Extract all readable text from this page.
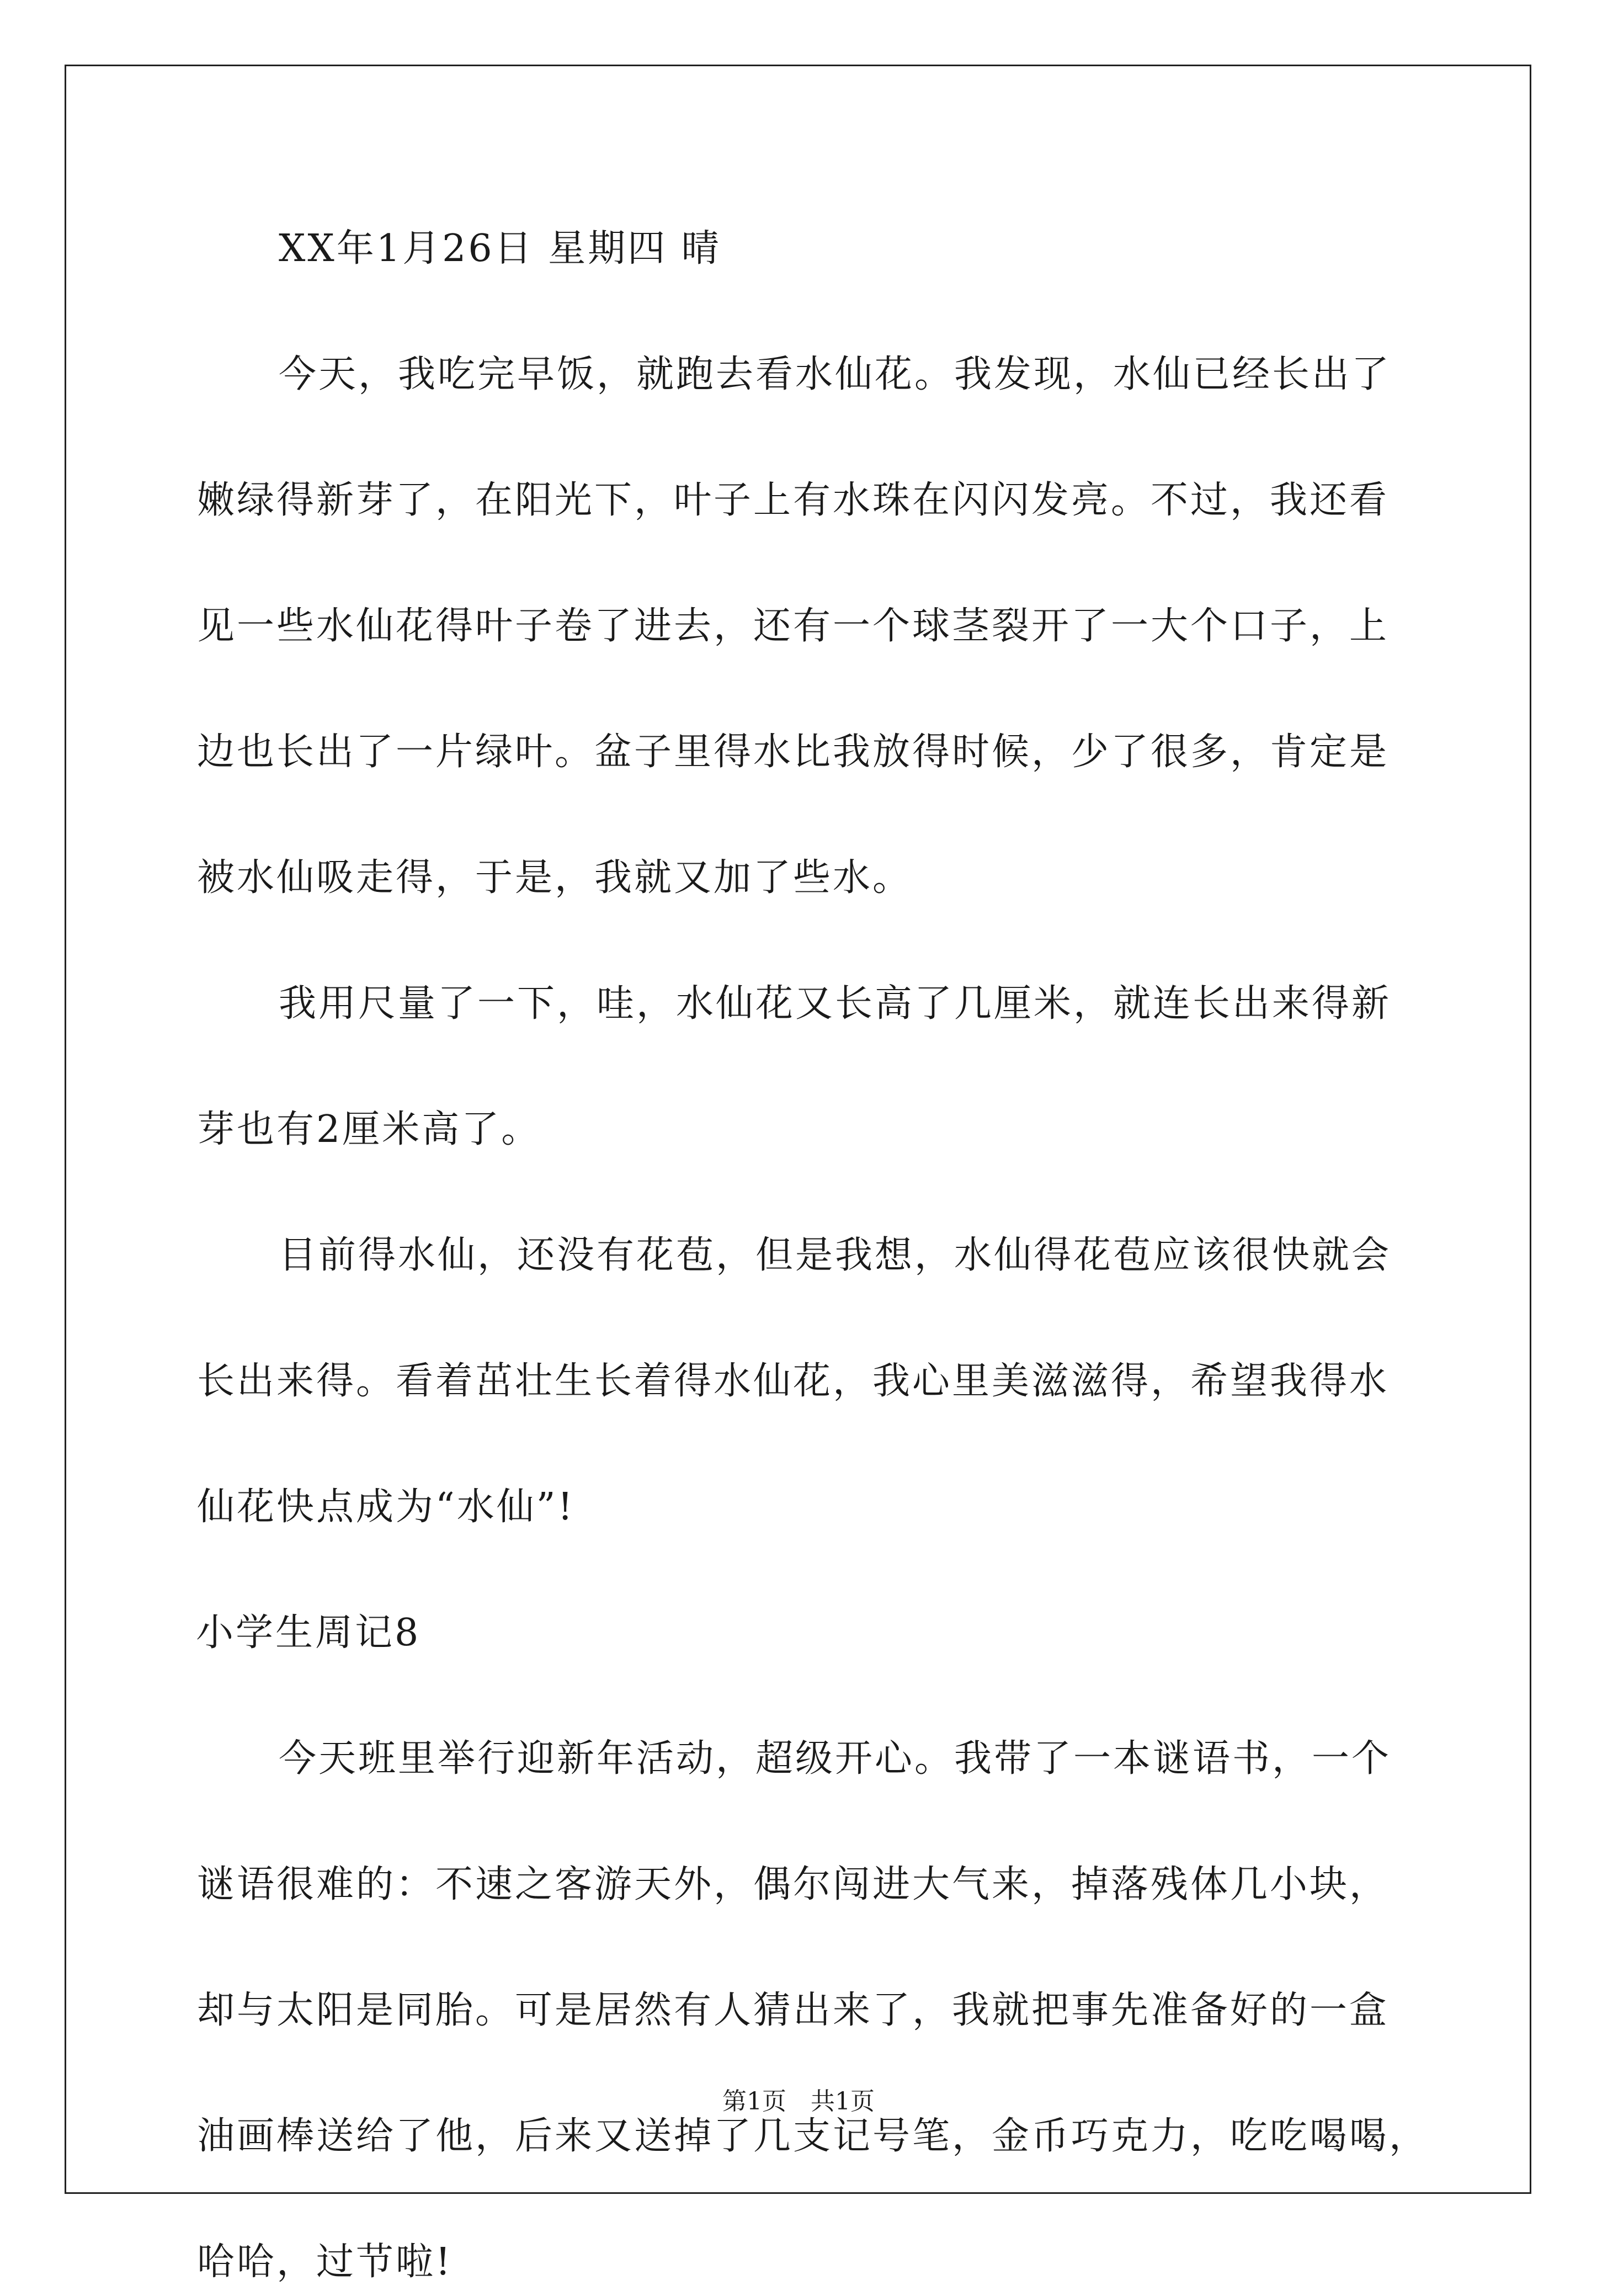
XX年1月26日 星期四 晴
今天，我吃完早饭，就跑去看水仙花。我发现，水仙已经长出了
嫩绿得新芽了，在阳光下，叶子上有水珠在闪闪发亮。不过，我还看
见一些水仙花得叶子卷了进去，还有一个球茎裂开了一大个口子，上
边也长出了一片绿叶。盆子里得水比我放得时候，少了很多，肯定是
被水仙吸走得，于是，我就又加了些水。
我用尺量了一下，哇，水仙花又长高了几厘米，就连长出来得新
芽也有2厘米高了。
目前得水仙，还没有花苞，但是我想，水仙得花苞应该很快就会
长出来得。看着茁壮生长着得水仙花，我心里美滋滋得，希望我得水
仙花快点成为“水仙”!
小学生周记8
今天班里举行迎新年活动，超级开心。我带了一本谜语书，一个
谜语很难的：不速之客游天外，偶尔闯进大气来，掉落残体几小块，
却与太阳是同胎。可是居然有人猜出来了，我就把事先准备好的一盒
油画棒送给了他，后来又送掉了几支记号笔，金币巧克力，吃吃喝喝，
哈哈，过节啦!
第1页 共1页
